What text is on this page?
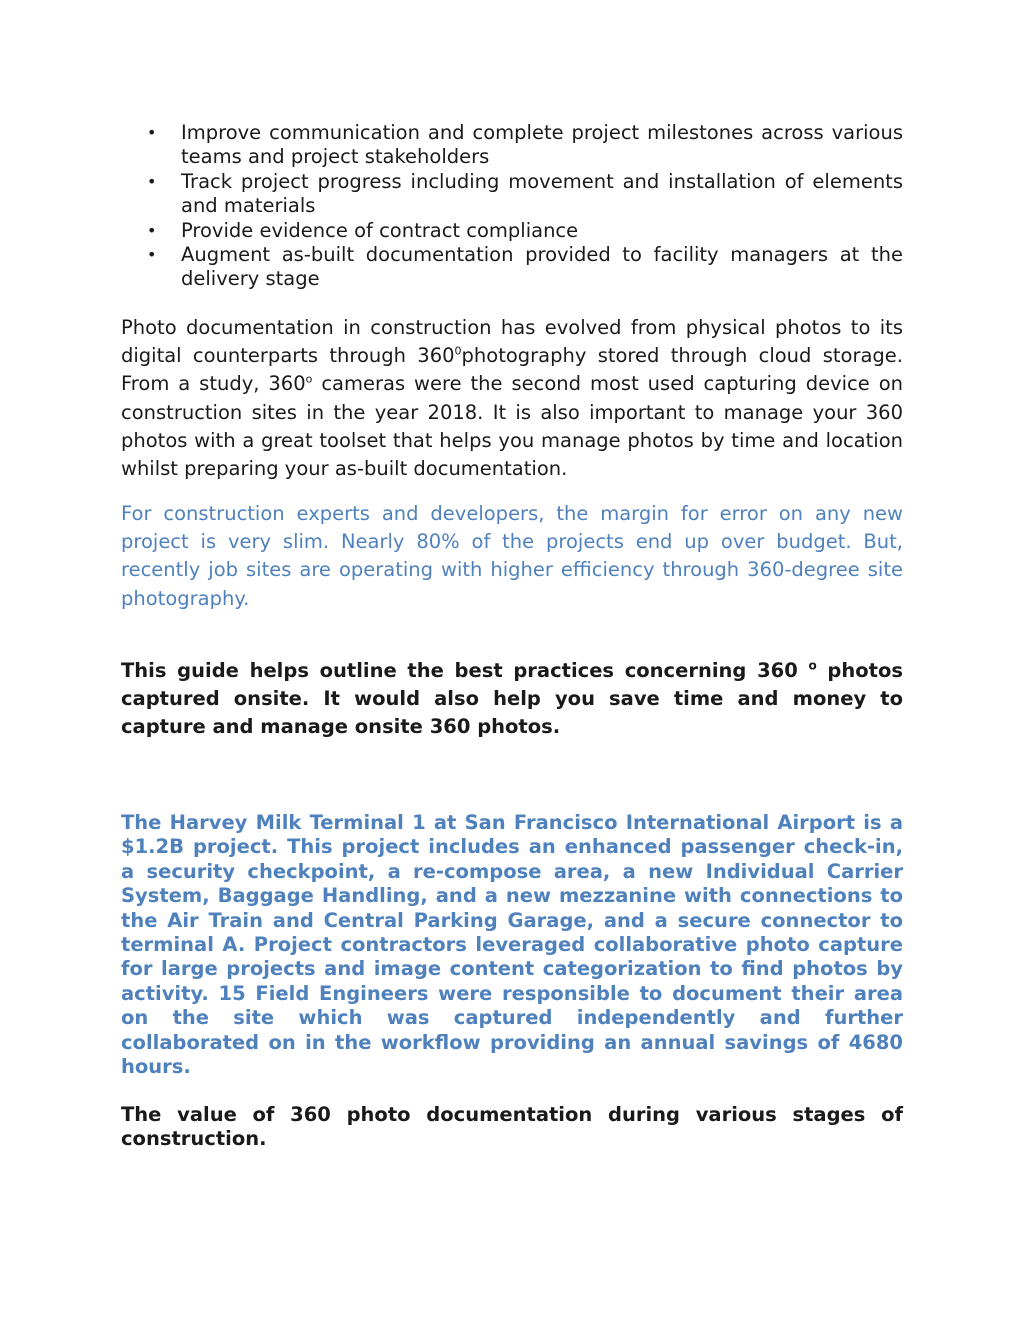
• Improve communication and complete project milestones across various teams and project stakeholders
• Track project progress including movement and installation of elements and materials
• Provide evidence of contract compliance
• Augment as-built documentation provided to facility managers at the delivery stage

Photo documentation in construction has evolved from physical photos to its digital counterparts through $360^0photography$ stored through cloud storage. From a study, 360$^o$ cameras were the second most used capturing device on construction sites in the year 2018. It is also important to manage your 360 photos with a great toolset that helps you manage photos by time and location whilst preparing your as-built documentation.

For construction experts and developers, the margin for error on any new project is very slim. Nearly 80% of the projects end up over budget. But, recently job sites are operating with higher efficiency through 360-degree site photography.

This guide helps outline the best practices concerning 360 $^o$ photos captured onsite. It would also help you save time and money to capture and manage onsite 360 photos.

The Harvey Milk Terminal 1 at San Francisco International Airport is a $1.2B project. This project includes an enhanced passenger check-in, a security checkpoint, a re-compose area, a new Individual Carrier System, Baggage Handling, and a new mezzanine with connections to the Air Train and Central Parking Garage, and a secure connector to terminal A. Project contractors leveraged collaborative photo capture for large projects and image content categorization to find photos by activity. 15 Field Engineers were responsible to document their area on the site which was captured independently and further collaborated on in the workflow providing an annual savings of 4680 hours.

The value of 360 photo documentation during various stages of construction.
